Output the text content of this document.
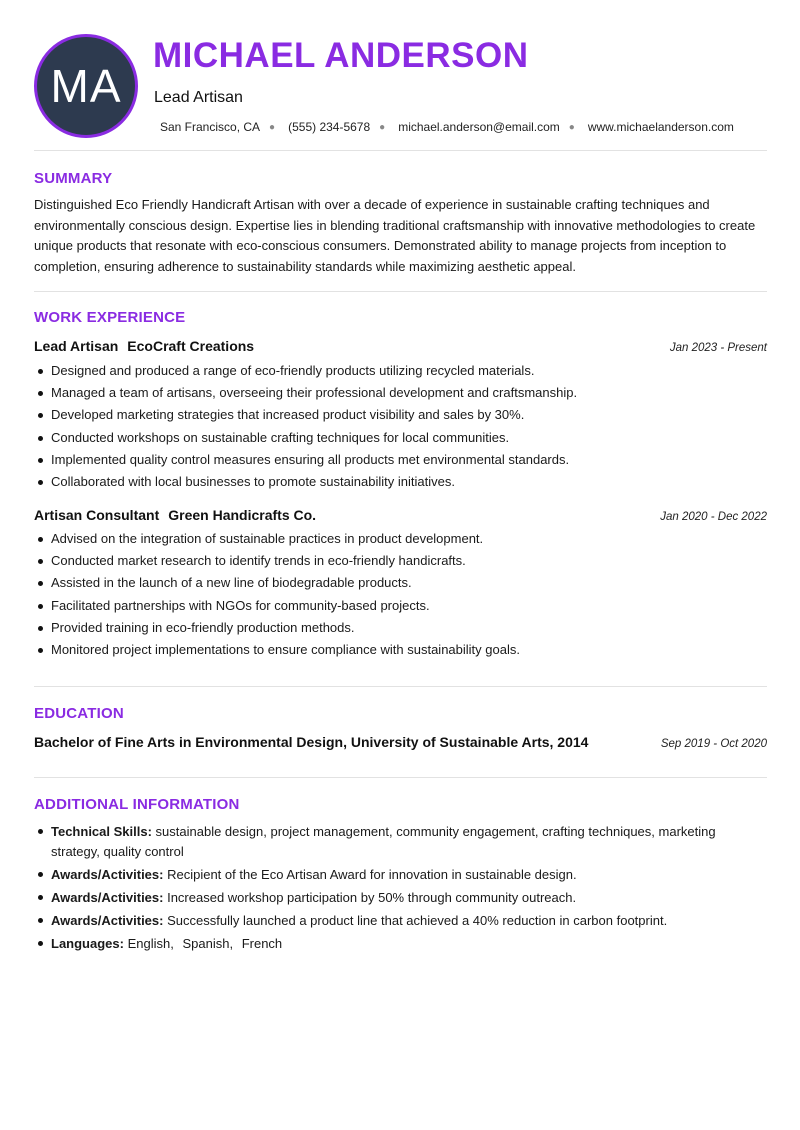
MA
MICHAEL ANDERSON
Lead Artisan
San Francisco, CA ● (555) 234-5678 ● michael.anderson@email.com ● www.michaelanderson.com
SUMMARY
Distinguished Eco Friendly Handicraft Artisan with over a decade of experience in sustainable crafting techniques and environmentally conscious design. Expertise lies in blending traditional craftsmanship with innovative methodologies to create unique products that resonate with eco-conscious consumers. Demonstrated ability to manage projects from inception to completion, ensuring adherence to sustainability standards while maximizing aesthetic appeal.
WORK EXPERIENCE
Lead Artisan EcoCraft Creations	Jan 2023 - Present
Designed and produced a range of eco-friendly products utilizing recycled materials.
Managed a team of artisans, overseeing their professional development and craftsmanship.
Developed marketing strategies that increased product visibility and sales by 30%.
Conducted workshops on sustainable crafting techniques for local communities.
Implemented quality control measures ensuring all products met environmental standards.
Collaborated with local businesses to promote sustainability initiatives.
Artisan Consultant Green Handicrafts Co.	Jan 2020 - Dec 2022
Advised on the integration of sustainable practices in product development.
Conducted market research to identify trends in eco-friendly handicrafts.
Assisted in the launch of a new line of biodegradable products.
Facilitated partnerships with NGOs for community-based projects.
Provided training in eco-friendly production methods.
Monitored project implementations to ensure compliance with sustainability goals.
EDUCATION
Bachelor of Fine Arts in Environmental Design, University of Sustainable Arts, 2014	Sep 2019 - Oct 2020
ADDITIONAL INFORMATION
Technical Skills: sustainable design, project management, community engagement, crafting techniques, marketing strategy, quality control
Awards/Activities: Recipient of the Eco Artisan Award for innovation in sustainable design.
Awards/Activities: Increased workshop participation by 50% through community outreach.
Awards/Activities: Successfully launched a product line that achieved a 40% reduction in carbon footprint.
Languages: English, Spanish, French
